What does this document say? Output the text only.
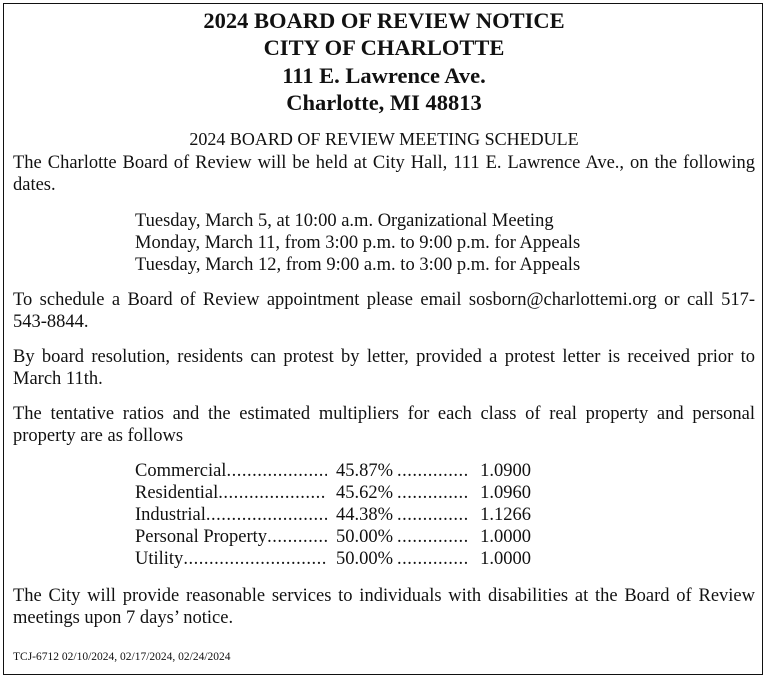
2024 BOARD OF REVIEW NOTICE
CITY OF CHARLOTTE
111 E. Lawrence Ave.
Charlotte, MI 48813
2024 BOARD OF REVIEW MEETING SCHEDULE
The Charlotte Board of Review will be held at City Hall, 111 E. Lawrence Ave., on the following dates.
Tuesday, March 5, at 10:00 a.m. Organizational Meeting
Monday, March 11, from 3:00 p.m. to 9:00 p.m. for Appeals
Tuesday, March 12, from 9:00 a.m. to 3:00 p.m. for Appeals
To schedule a Board of Review appointment please email sosborn@charlottemi.org or call 517-543-8844.
By board resolution, residents can protest by letter, provided a protest letter is received prior to March 11th.
The tentative ratios and the estimated multipliers for each class of real property and personal property are as follows
Commercial .....	45.87% .....	1.0900
Residential .....	45.62% .....	1.0960
Industrial .....	44.38% .....	1.1266
Personal Property .....	50.00% .....	1.0000
Utility .....	50.00% .....	1.0000
The City will provide reasonable services to individuals with disabilities at the Board of Review meetings upon 7 days’ notice.
TCJ-6712 02/10/2024, 02/17/2024, 02/24/2024
